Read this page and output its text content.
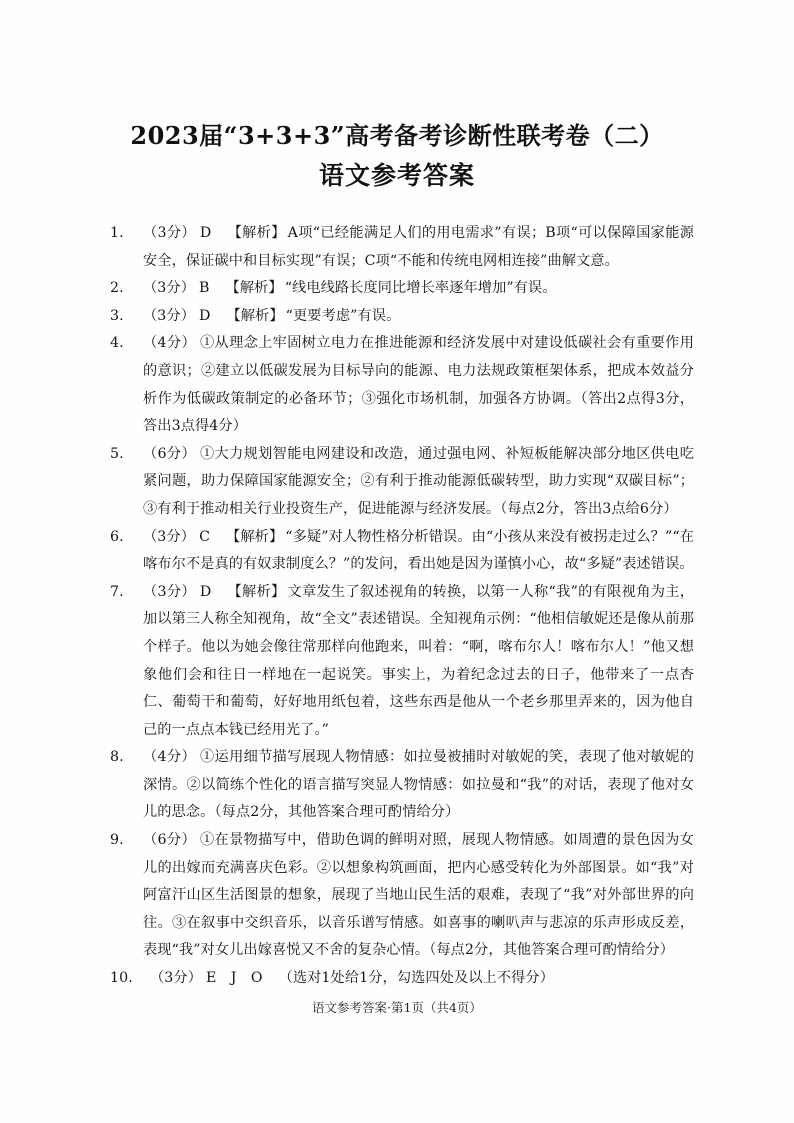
2023届“3+3+3”高考备考诊断性联考卷（二）
语文参考答案
1. （3分） D 【解析】 A项“已经能满足人们的用电需求”有误；B项“可以保障国家能源安全，保证碳中和目标实现”有误；C项“不能和传统电网相连接”曲解文意。
2. （3分） B 【解析】 “线电线路长度同比增长率逐年增加”有误。
3. （3分） D 【解析】 “更要考虑”有误。
4. （4分） ①从理念上牢固树立电力在推进能源和经济发展中对建设低碳社会有重要作用的意识；②建立以低碳发展为目标导向的能源、电力法规政策框架体系，把成本效益分析作为低碳政策制定的必备环节；③强化市场机制，加强各方协调。（答出2点得3分，答出3点得4分）
5. （6分） ①大力规划智能电网建设和改造，通过强电网、补短板能解决部分地区供电吃紧问题，助力保障国家能源安全；②有利于推动能源低碳转型，助力实现“双碳目标”；③有利于推动相关行业投资生产，促进能源与经济发展。（每点2分，答出3点给6分）
6. （3分） C 【解析】 “多疑”对人物性格分析错误。由“小孩从来没有被拐走过么？”“在喀布尔不是真的有奴隶制度么？”的发问，看出她是因为谨慎小心，故“多疑”表述错误。
7. （3分） D 【解析】 文章发生了叙述视角的转换，以第一人称“我”的有限视角为主，加以第三人称全知视角，故“全文”表述错误。全知视角示例：“他相信敏妮还是像从前那个样子。他以为她会像往常那样向他跑来，叫着：“啊，喀布尔人！喀布尔人！”他又想象他们会和往日一样地在一起说笑。事实上，为着纪念过去的日子，他带来了一点杏仁、葡萄干和葡萄，好好地用纸包着，这些东西是他从一个老乡那里弄来的，因为他自己的一点点本钱已经用光了。”
8. （4分） ①运用细节描写展现人物情感：如拉曼被捕时对敏妮的笑，表现了他对敏妮的深情。②以简练个性化的语言描写突显人物情感：如拉曼和“我”的对话，表现了他对女儿的思念。（每点2分，其他答案合理可酌情给分）
9. （6分） ①在景物描写中，借助色调的鲜明对照，展现人物情感。如周遭的景色因为女儿的出嫁而充满喜庆色彩。②以想象构筑画面，把内心感受转化为外部图景。如“我”对阿富汗山区生活图景的想象，展现了当地山民生活的艰难，表现了“我”对外部世界的向往。③在叙事中交织音乐，以音乐谱写情感。如喜事的喇叭声与悲凉的乐声形成反差，表现“我”对女儿出嫁喜悦又不舍的复杂心情。（每点2分，其他答案合理可酌情给分）
10. （3分） E　J　O （选对1处给1分，勾选四处及以上不得分）
语文参考答案·第1页（共4页）
